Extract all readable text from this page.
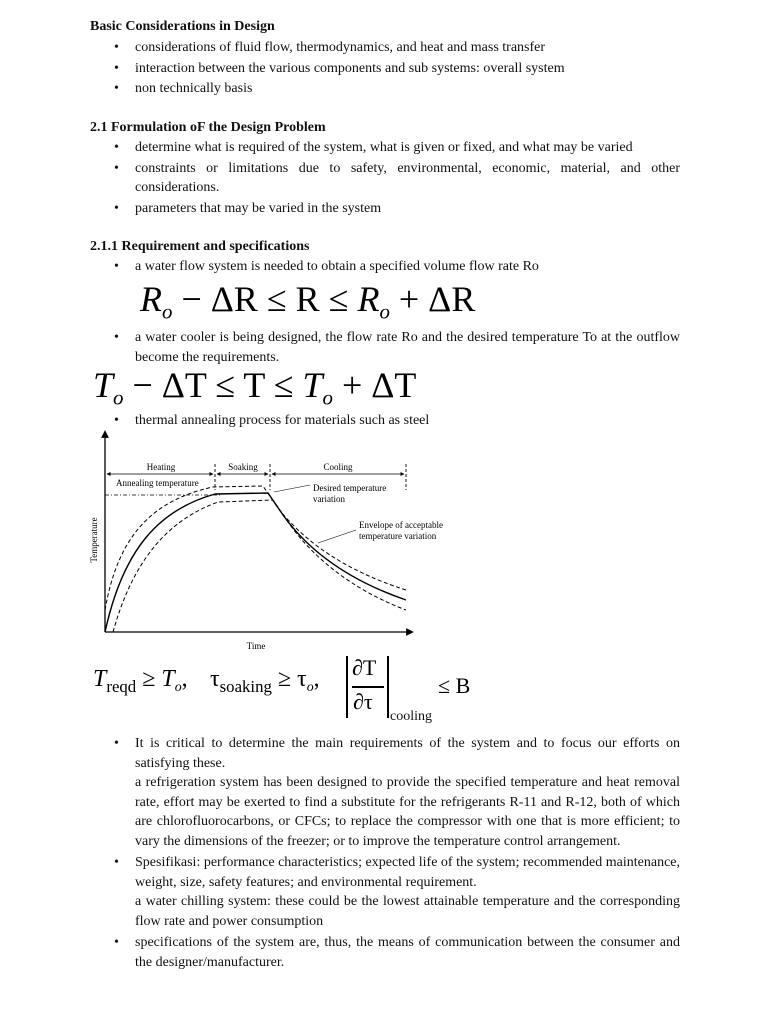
Basic Considerations in Design
• considerations of fluid flow, thermodynamics, and heat and mass transfer
• interaction between the various components and sub systems: overall system
• non technically basis
2.1 Formulation oF the Design Problem
• determine what is required of the system, what is given or fixed, and what may be varied
• constraints or limitations due to safety, environmental, economic, material, and other considerations.
• parameters that may be varied in the system
2.1.1 Requirement and specifications
• a water flow system is needed to obtain a specified volume flow rate Ro
$R_o - \Delta R \le R \le R_o + \Delta R$
• a water cooler is being designed, the flow rate Ro and the desired temperature To at the outflow become the requirements.
$T_o - \Delta T \le T \le T_o + \Delta T$
• thermal annealing process for materials such as steel
Heating	Soaking	Cooling
Annealing temperature	Desired temperature
variation
Envelope of acceptable
temperature variation
Temperature
Time
$T_{reqd} \ge T_o$, $\tau_{soaking} \ge \tau_o$, ∂T
∂τ
cooling
≤ B
• It is critical to determine the main requirements of the system and to focus our efforts on satisfying these.
a refrigeration system has been designed to provide the specified temperature and heat removal rate, effort may be exerted to find a substitute for the refrigerants R-11 and R-12, both of which are chlorofluorocarbons, or CFCs; to replace the compressor with one that is more efficient; to vary the dimensions of the freezer; or to improve the temperature control arrangement.
• Spesifikasi: performance characteristics; expected life of the system; recommended maintenance, weight, size, safety features; and environmental requirement.
a water chilling system: these could be the lowest attainable temperature and the corresponding flow rate and power consumption
• specifications of the system are, thus, the means of communication between the consumer and the designer/manufacturer.
